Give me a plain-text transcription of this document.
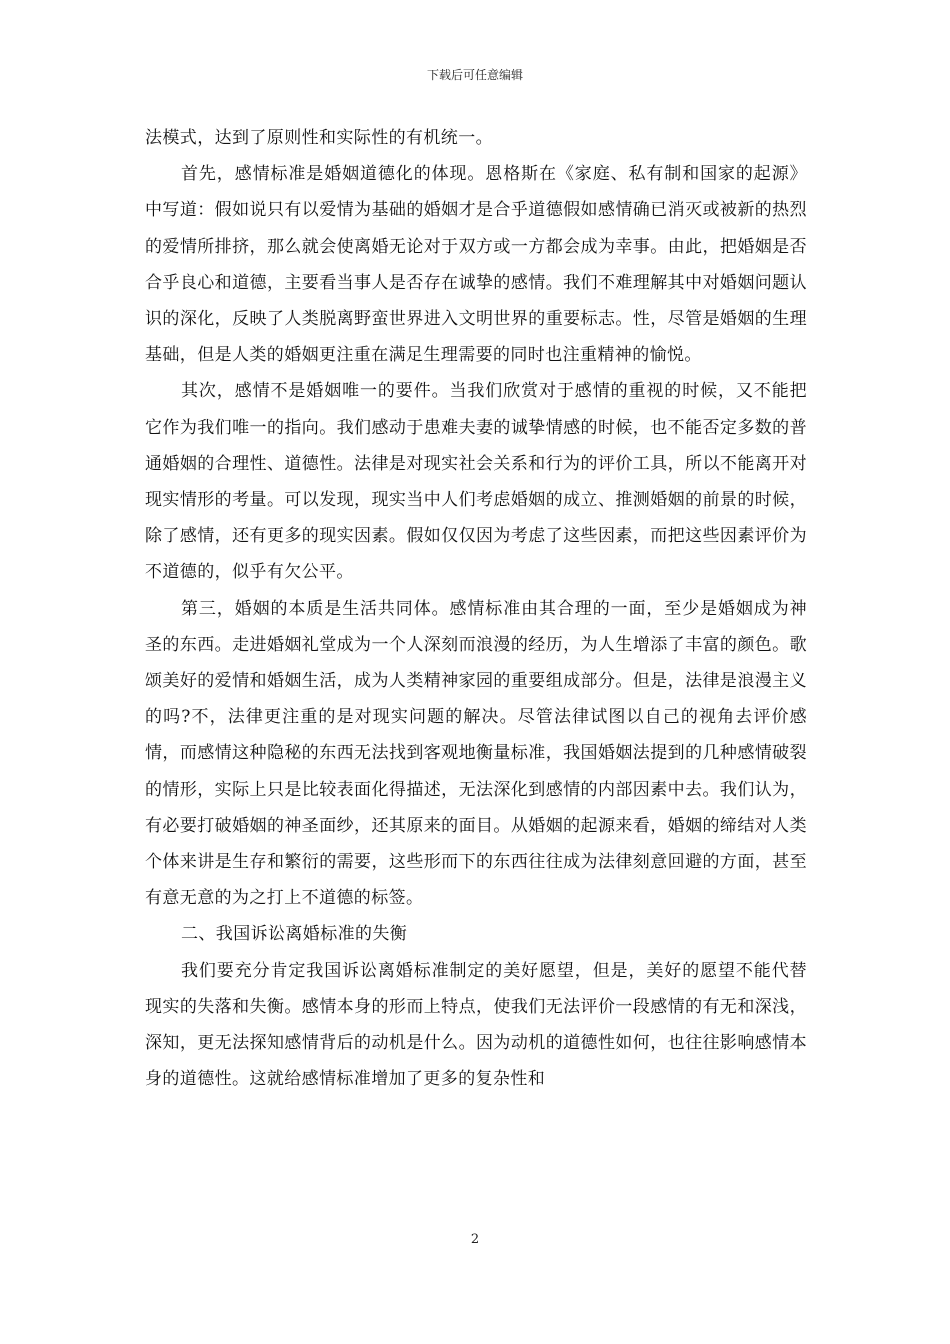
下载后可任意编辑

法模式，达到了原则性和实际性的有机统一。

首先，感情标准是婚姻道德化的体现。恩格斯在《家庭、私有制和国家的起源》中写道：假如说只有以爱情为基础的婚姻才是合乎道德假如感情确已消灭或被新的热烈的爱情所排挤，那么就会使离婚无论对于双方或一方都会成为幸事。由此，把婚姻是否合乎良心和道德，主要看当事人是否存在诚挚的感情。我们不难理解其中对婚姻问题认识的深化，反映了人类脱离野蛮世界进入文明世界的重要标志。性，尽管是婚姻的生理基础，但是人类的婚姻更注重在满足生理需要的同时也注重精神的愉悦。

其次，感情不是婚姻唯一的要件。当我们欣赏对于感情的重视的时候，又不能把它作为我们唯一的指向。我们感动于患难夫妻的诚挚情感的时候，也不能否定多数的普通婚姻的合理性、道德性。法律是对现实社会关系和行为的评价工具，所以不能离开对现实情形的考量。可以发现，现实当中人们考虑婚姻的成立、推测婚姻的前景的时候，除了感情，还有更多的现实因素。假如仅仅因为考虑了这些因素，而把这些因素评价为不道德的，似乎有欠公平。

第三，婚姻的本质是生活共同体。感情标准由其合理的一面，至少是婚姻成为神圣的东西。走进婚姻礼堂成为一个人深刻而浪漫的经历，为人生增添了丰富的颜色。歌颂美好的爱情和婚姻生活，成为人类精神家园的重要组成部分。但是，法律是浪漫主义的吗?不，法律更注重的是对现实问题的解决。尽管法律试图以自己的视角去评价感情，而感情这种隐秘的东西无法找到客观地衡量标准，我国婚姻法提到的几种感情破裂的情形，实际上只是比较表面化得描述，无法深化到感情的内部因素中去。我们认为，有必要打破婚姻的神圣面纱，还其原来的面目。从婚姻的起源来看，婚姻的缔结对人类个体来讲是生存和繁衍的需要，这些形而下的东西往往成为法律刻意回避的方面，甚至有意无意的为之打上不道德的标签。

二、我国诉讼离婚标准的失衡

我们要充分肯定我国诉讼离婚标准制定的美好愿望，但是，美好的愿望不能代替现实的失落和失衡。感情本身的形而上特点，使我们无法评价一段感情的有无和深浅，深知，更无法探知感情背后的动机是什么。因为动机的道德性如何，也往往影响感情本身的道德性。这就给感情标准增加了更多的复杂性和

2
